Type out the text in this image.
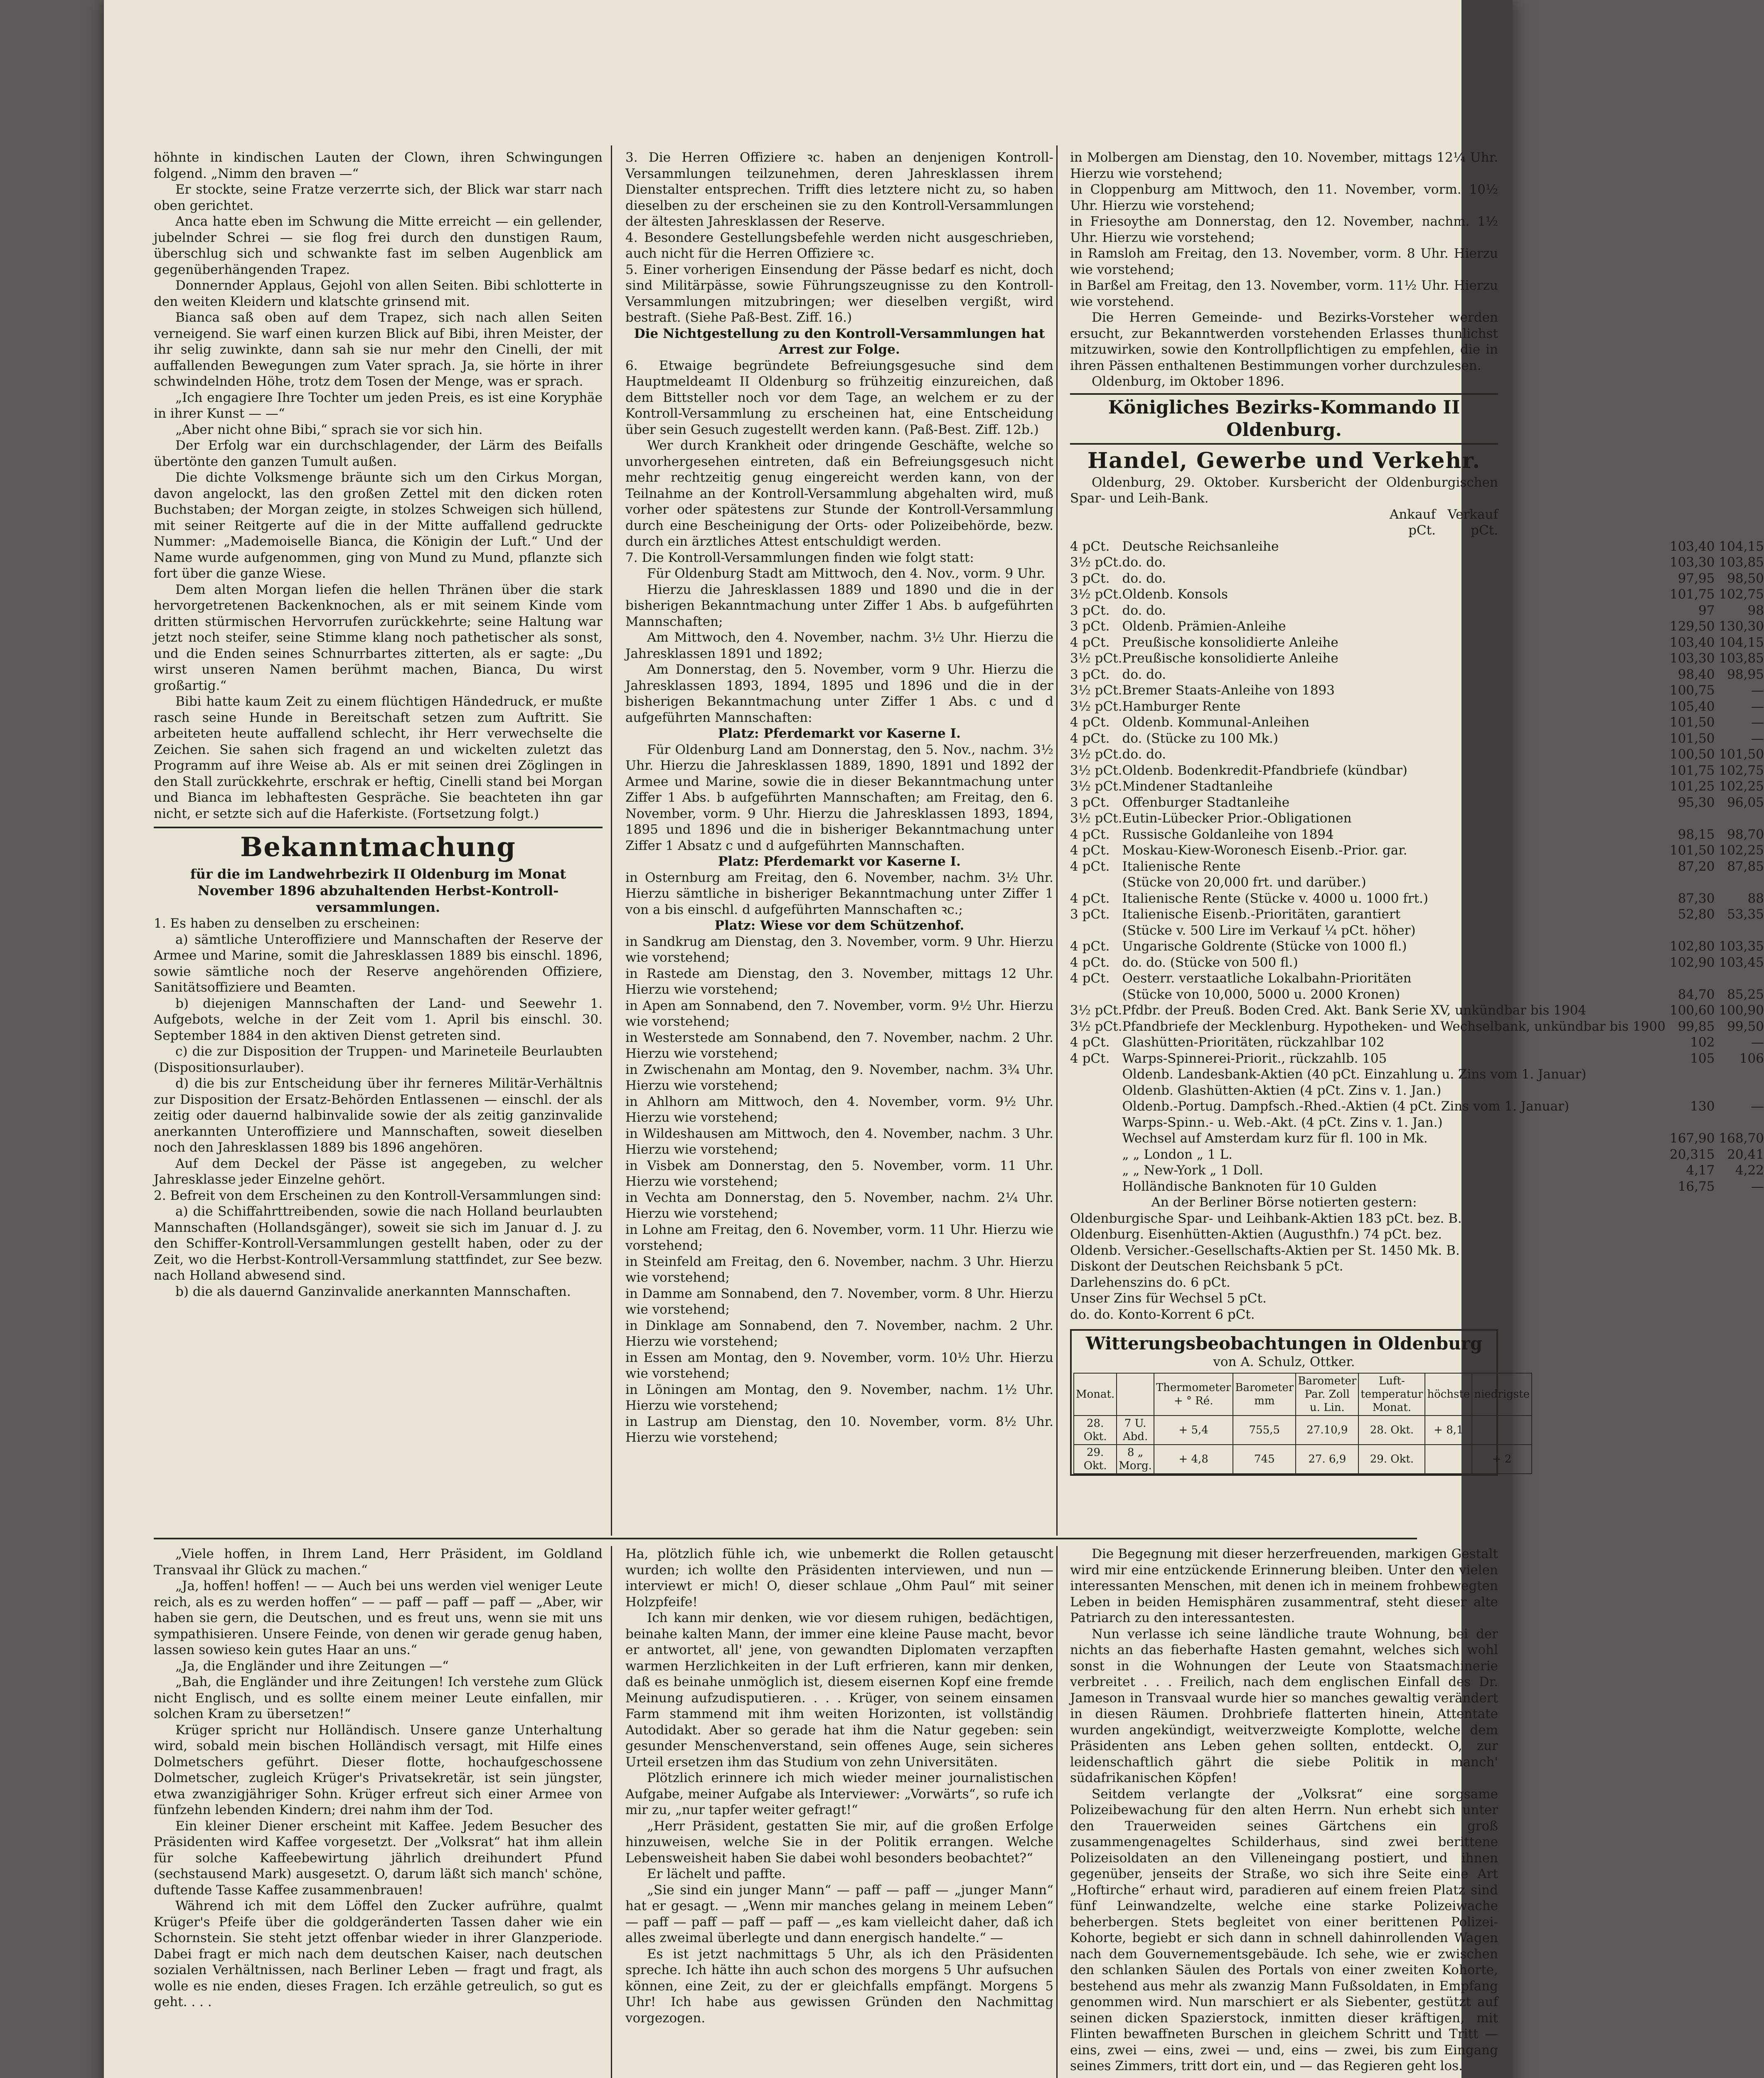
höhnte in kindischen Lauten der Clown, ihren Schwingungen folgend. „Nimm den braven —“

Er stockte, seine Fratze verzerrte sich, der Blick war starr nach oben gerichtet.

Anca hatte eben im Schwung die Mitte erreicht — ein gellender, jubelnder Schrei — sie flog frei durch den dunstigen Raum, überschlug sich und schwankte fast im selben Augenblick am gegenüberhängenden Trapez.

Donnernder Applaus, Gejohl von allen Seiten. Bibi schlotterte in den weiten Kleidern und klatschte grinsend mit.

Bianca saß oben auf dem Trapez, sich nach allen Seiten verneigend. Sie warf einen kurzen Blick auf Bibi, ihren Meister, der ihr selig zuwinkte, dann sah sie nur mehr den Cinelli, der mit auffallenden Bewegungen zum Vater sprach. Ja, sie hörte in ihrer schwindelnden Höhe, trotz dem Tosen der Menge, was er sprach.

„Ich engagiere Ihre Tochter um jeden Preis, es ist eine Koryphäe in ihrer Kunst — —“

„Aber nicht ohne Bibi,“ sprach sie vor sich hin.

Der Erfolg war ein durchschlagender, der Lärm des Beifalls übertönte den ganzen Tumult außen.

Die dichte Volksmenge bräunte sich um den Cirkus Morgan, davon angelockt, las den großen Zettel mit den dicken roten Buchstaben; der Morgan zeigte, in stolzes Schweigen sich hüllend, mit seiner Reitgerte auf die in der Mitte auffallend gedruckte Nummer: „Mademoiselle Bianca, die Königin der Luft.“ Und der Name wurde aufgenommen, ging von Mund zu Mund, pflanzte sich fort über die ganze Wiese.

Dem alten Morgan liefen die hellen Thränen über die stark hervorgetretenen Backenknochen, als er mit seinem Kinde vom dritten stürmischen Hervorrufen zurückkehrte; seine Haltung war jetzt noch steifer, seine Stimme klang noch pathetischer als sonst, und die Enden seines Schnurrbartes zitterten, als er sagte: „Du wirst unseren Namen berühmt machen, Bianca, Du wirst großartig.“

Bibi hatte kaum Zeit zu einem flüchtigen Händedruck, er mußte rasch seine Hunde in Bereitschaft setzen zum Auftritt. Sie arbeiteten heute auffallend schlecht, ihr Herr verwechselte die Zeichen. Sie sahen sich fragend an und wickelten zuletzt das Programm auf ihre Weise ab. Als er mit seinen drei Zöglingen in den Stall zurückkehrte, erschrak er heftig, Cinelli stand bei Morgan und Bianca im lebhaftesten Gespräche. Sie beachteten ihn gar nicht, er setzte sich auf die Haferkiste. (Fortsetzung folgt.)

Bekanntmachung
für die im Landwehrbezirk II Oldenburg im Monat November 1896 abzuhaltenden Herbst-Kontroll-versammlungen.

1. Es haben zu denselben zu erscheinen:

a) sämtliche Unteroffiziere und Mannschaften der Reserve der Armee und Marine, somit die Jahresklassen 1889 bis einschl. 1896, sowie sämtliche noch der Reserve angehörenden Offiziere, Sanitätsoffiziere und Beamten.

b) diejenigen Mannschaften der Land- und Seewehr 1. Aufgebots, welche in der Zeit vom 1. April bis einschl. 30. September 1884 in den aktiven Dienst getreten sind.

c) die zur Disposition der Truppen- und Marineteile Beurlaubten (Dispositionsurlauber).

d) die bis zur Entscheidung über ihr ferneres Militär-Verhältnis zur Disposition der Ersatz-Behörden Entlassenen — einschl. der als zeitig oder dauernd halbinvalide sowie der als zeitig ganzinvalide anerkannten Unteroffiziere und Mannschaften, soweit dieselben noch den Jahresklassen 1889 bis 1896 angehören.

Auf dem Deckel der Pässe ist angegeben, zu welcher Jahresklasse jeder Einzelne gehört.

2. Befreit von dem Erscheinen zu den Kontroll-Versammlungen sind:

a) die Schiffahrttreibenden, sowie die nach Holland beurlaubten Mannschaften (Hollandsgänger), soweit sie sich im Januar d. J. zu den Schiffer-Kontroll-Versammlungen gestellt haben, oder zu der Zeit, wo die Herbst-Kontroll-Versammlung stattfindet, zur See bezw. nach Holland abwesend sind.

b) die als dauernd Ganzinvalide anerkannten Mannschaften.

3. Die Herren Offiziere ꝛc. haben an denjenigen Kontroll-Versammlungen teilzunehmen, deren Jahresklassen ihrem Dienstalter entsprechen. Trifft dies letztere nicht zu, so haben dieselben zu der erscheinen sie zu den Kontroll-Versammlungen der ältesten Jahresklassen der Reserve.

4. Besondere Gestellungsbefehle werden nicht ausgeschrieben, auch nicht für die Herren Offiziere ꝛc.

5. Einer vorherigen Einsendung der Pässe bedarf es nicht, doch sind Militärpässe, sowie Führungszeugnisse zu den Kontroll-Versammlungen mitzubringen; wer dieselben vergißt, wird bestraft. (Siehe Paß-Best. Ziff. 16.)

Die Nichtgestellung zu den Kontroll-Versammlungen hat Arrest zur Folge.

6. Etwaige begründete Befreiungsgesuche sind dem Hauptmeldeamt II Oldenburg so frühzeitig einzureichen, daß dem Bittsteller noch vor dem Tage, an welchem er zu der Kontroll-Versammlung zu erscheinen hat, eine Entscheidung über sein Gesuch zugestellt werden kann. (Paß-Best. Ziff. 12b.)

Wer durch Krankheit oder dringende Geschäfte, welche so unvorhergesehen eintreten, daß ein Befreiungsgesuch nicht mehr rechtzeitig genug eingereicht werden kann, von der Teilnahme an der Kontroll-Versammlung abgehalten wird, muß vorher oder spätestens zur Stunde der Kontroll-Versammlung durch eine Bescheinigung der Orts- oder Polizeibehörde, bezw. durch ein ärztliches Attest entschuldigt werden.

7. Die Kontroll-Versammlungen finden wie folgt statt:

Für Oldenburg Stadt am Mittwoch, den 4. Nov., vorm. 9 Uhr.

Hierzu die Jahresklassen 1889 und 1890 und die in der bisherigen Bekanntmachung unter Ziffer 1 Abs. b aufgeführten Mannschaften;

Am Mittwoch, den 4. November, nachm. 3½ Uhr. Hierzu die Jahresklassen 1891 und 1892;

Am Donnerstag, den 5. November, vorm 9 Uhr. Hierzu die Jahresklassen 1893, 1894, 1895 und 1896 und die in der bisherigen Bekanntmachung unter Ziffer 1 Abs. c und d aufgeführten Mannschaften:

Platz: Pferdemarkt vor Kaserne I.

Für Oldenburg Land am Donnerstag, den 5. Nov., nachm. 3½ Uhr. Hierzu die Jahresklassen 1889, 1890, 1891 und 1892 der Armee und Marine, sowie die in dieser Bekanntmachung unter Ziffer 1 Abs. b aufgeführten Mannschaften; am Freitag, den 6. November, vorm. 9 Uhr. Hierzu die Jahresklassen 1893, 1894, 1895 und 1896 und die in bisheriger Bekanntmachung unter Ziffer 1 Absatz c und d aufgeführten Mannschaften.

Platz: Pferdemarkt vor Kaserne I.

in Osternburg am Freitag, den 6. November, nachm. 3½ Uhr. Hierzu sämtliche in bisheriger Bekanntmachung unter Ziffer 1 von a bis einschl. d aufgeführten Mannschaften ꝛc.;

Platz: Wiese vor dem Schützenhof.

in Sandkrug am Dienstag, den 3. November, vorm. 9 Uhr. Hierzu wie vorstehend;

in Rastede am Dienstag, den 3. November, mittags 12 Uhr. Hierzu wie vorstehend;

in Apen am Sonnabend, den 7. November, vorm. 9½ Uhr. Hierzu wie vorstehend;

in Westerstede am Sonnabend, den 7. November, nachm. 2 Uhr. Hierzu wie vorstehend;

in Zwischenahn am Montag, den 9. November, nachm. 3¾ Uhr. Hierzu wie vorstehend;

in Ahlhorn am Mittwoch, den 4. November, vorm. 9½ Uhr. Hierzu wie vorstehend;

in Wildeshausen am Mittwoch, den 4. November, nachm. 3 Uhr. Hierzu wie vorstehend;

in Visbek am Donnerstag, den 5. November, vorm. 11 Uhr. Hierzu wie vorstehend;

in Vechta am Donnerstag, den 5. November, nachm. 2¼ Uhr. Hierzu wie vorstehend;

in Lohne am Freitag, den 6. November, vorm. 11 Uhr. Hierzu wie vorstehend;

in Steinfeld am Freitag, den 6. November, nachm. 3 Uhr. Hierzu wie vorstehend;

in Damme am Sonnabend, den 7. November, vorm. 8 Uhr. Hierzu wie vorstehend;

in Dinklage am Sonnabend, den 7. November, nachm. 2 Uhr. Hierzu wie vorstehend;

in Essen am Montag, den 9. November, vorm. 10½ Uhr. Hierzu wie vorstehend;

in Löningen am Montag, den 9. November, nachm. 1½ Uhr. Hierzu wie vorstehend;

in Lastrup am Dienstag, den 10. November, vorm. 8½ Uhr. Hierzu wie vorstehend;

in Molbergen am Dienstag, den 10. November, mittags 12¼ Uhr. Hierzu wie vorstehend;

in Cloppenburg am Mittwoch, den 11. November, vorm. 10½ Uhr. Hierzu wie vorstehend;

in Friesoythe am Donnerstag, den 12. November, nachm. 1½ Uhr. Hierzu wie vorstehend;

in Ramsloh am Freitag, den 13. November, vorm. 8 Uhr. Hierzu wie vorstehend;

in Barßel am Freitag, den 13. November, vorm. 11½ Uhr. Hierzu wie vorstehend.

Die Herren Gemeinde- und Bezirks-Vorsteher werden ersucht, zur Bekanntwerden vorstehenden Erlasses thunlichst mitzuwirken, sowie den Kontrollpflichtigen zu empfehlen, die in ihren Pässen enthaltenen Bestimmungen vorher durchzulesen.

Oldenburg, im Oktober 1896.

Königliches Bezirks-Kommando II Oldenburg.
Handel, Gewerbe und Verkehr.

Oldenburg, 29. Oktober. Kursbericht der Oldenburgischen Spar- und Leih-Bank.

		Ankauf	Verkauf
		pCt.	pCt.
4 pCt.	Deutsche Reichsanleihe	103,40	104,15
3½ pCt.	do. do.	103,30	103,85
3 pCt.	do. do.	97,95	98,50
3½ pCt.	Oldenb. Konsols	101,75	102,75
3 pCt.	do. do.	97	98
3 pCt.	Oldenb. Prämien-Anleihe	129,50	130,30
4 pCt.	Preußische konsolidierte Anleihe	103,40	104,15
3½ pCt.	Preußische konsolidierte Anleihe	103,30	103,85
3 pCt.	do. do.	98,40	98,95
3½ pCt.	Bremer Staats-Anleihe von 1893	100,75	—
3½ pCt.	Hamburger Rente	105,40	—
4 pCt.	Oldenb. Kommunal-Anleihen	101,50	—
4 pCt.	do. (Stücke zu 100 Mk.)	101,50	—
3½ pCt.	do. do.	100,50	101,50
3½ pCt.	Oldenb. Bodenkredit-Pfandbriefe (kündbar)	101,75	102,75
3½ pCt.	Mindener Stadtanleihe	101,25	102,25
3 pCt.	Offenburger Stadtanleihe	95,30	96,05
3½ pCt.	Eutin-Lübecker Prior.-Obligationen		
4 pCt.	Russische Goldanleihe von 1894	98,15	98,70
4 pCt.	Moskau-Kiew-Woronesch Eisenb.-Prior. gar.	101,50	102,25
4 pCt.	Italienische Rente	87,20	87,85
	(Stücke von 20,000 frt. und darüber.)		
4 pCt.	Italienische Rente (Stücke v. 4000 u. 1000 frt.)	87,30	88
3 pCt.	Italienische Eisenb.-Prioritäten, garantiert	52,80	53,35
	(Stücke v. 500 Lire im Verkauf ¼ pCt. höher)		
4 pCt.	Ungarische Goldrente (Stücke von 1000 fl.)	102,80	103,35
4 pCt.	do. do. (Stücke von 500 fl.)	102,90	103,45
4 pCt.	Oesterr. verstaatliche Lokalbahn-Prioritäten		
	(Stücke von 10,000, 5000 u. 2000 Kronen)	84,70	85,25
3½ pCt.	Pfdbr. der Preuß. Boden Cred. Akt. Bank Serie XV, unkündbar bis 1904	100,60	100,90
3½ pCt.	Pfandbriefe der Mecklenburg. Hypotheken- und Wechselbank, unkündbar bis 1900	99,85	99,50
4 pCt.	Glashütten-Prioritäten, rückzahlbar 102	102	—
4 pCt.	Warps-Spinnerei-Priorit., rückzahlb. 105	105	106
	Oldenb. Landesbank-Aktien (40 pCt. Einzahlung u. Zins vom 1. Januar)		
	Oldenb. Glashütten-Aktien (4 pCt. Zins v. 1. Jan.)		
	Oldenb.-Portug. Dampfsch.-Rhed.-Aktien (4 pCt. Zins vom 1. Januar)	130	—
	Warps-Spinn.- u. Web.-Akt. (4 pCt. Zins v. 1. Jan.)		
	Wechsel auf Amsterdam kurz für fl. 100 in Mk.	167,90	168,70
	„ „ London „ 1 L.	20,315	20,41
	„ „ New-York „ 1 Doll.	4,17	4,22
	Holländische Banknoten für 10 Gulden	16,75	—

An der Berliner Börse notierten gestern:

Oldenburgische Spar- und Leihbank-Aktien 183 pCt. bez. B.

Oldenburg. Eisenhütten-Aktien (Augusthfn.) 74 pCt. bez.

Oldenb. Versicher.-Gesellschafts-Aktien per St. 1450 Mk. B.

Diskont der Deutschen Reichsbank 5 pCt.

Darlehenszins do. 6 pCt.

Unser Zins für Wechsel 5 pCt.

do. do. Konto-Korrent 6 pCt.

Witterungsbeobachtungen in Oldenburg
von A. Schulz, Ottker.
Monat.		Thermometer + ° Ré.	Barometer mm	Barometer Par. Zoll u. Lin.	Luft-temperatur Monat.	höchste	niedrigste
28. Okt.	7 U. Abd.	+ 5,4	755,5	27.10,9	28. Okt.	+ 8,1	
29. Okt.	8 „ Morg.	+ 4,8	745	27. 6,9	29. Okt.		+ 2

„Viele hoffen, in Ihrem Land, Herr Präsident, im Goldland Transvaal ihr Glück zu machen.“

„Ja, hoffen! hoffen! — — Auch bei uns werden viel weniger Leute reich, als es zu werden hoffen“ — — paff — paff — paff — „Aber, wir haben sie gern, die Deutschen, und es freut uns, wenn sie mit uns sympathisieren. Unsere Feinde, von denen wir gerade genug haben, lassen sowieso kein gutes Haar an uns.“

„Ja, die Engländer und ihre Zeitungen —“

„Bah, die Engländer und ihre Zeitungen! Ich verstehe zum Glück nicht Englisch, und es sollte einem meiner Leute einfallen, mir solchen Kram zu übersetzen!“

Krüger spricht nur Holländisch. Unsere ganze Unterhaltung wird, sobald mein bischen Holländisch versagt, mit Hilfe eines Dolmetschers geführt. Dieser flotte, hochaufgeschossene Dolmetscher, zugleich Krüger's Privatsekretär, ist sein jüngster, etwa zwanzigjähriger Sohn. Krüger erfreut sich einer Armee von fünfzehn lebenden Kindern; drei nahm ihm der Tod.

Ein kleiner Diener erscheint mit Kaffee. Jedem Besucher des Präsidenten wird Kaffee vorgesetzt. Der „Volksrat“ hat ihm allein für solche Kaffeebewirtung jährlich dreihundert Pfund (sechstausend Mark) ausgesetzt. O, darum läßt sich manch' schöne, duftende Tasse Kaffee zusammenbrauen!

Während ich mit dem Löffel den Zucker aufrühre, qualmt Krüger's Pfeife über die goldgeränderten Tassen daher wie ein Schornstein. Sie steht jetzt offenbar wieder in ihrer Glanzperiode. Dabei fragt er mich nach dem deutschen Kaiser, nach deutschen sozialen Verhältnissen, nach Berliner Leben — fragt und fragt, als wolle es nie enden, dieses Fragen. Ich erzähle getreulich, so gut es geht. . . .

Ha, plötzlich fühle ich, wie unbemerkt die Rollen getauscht wurden; ich wollte den Präsidenten interviewen, und nun — interviewt er mich! O, dieser schlaue „Ohm Paul“ mit seiner Holzpfeife!

Ich kann mir denken, wie vor diesem ruhigen, bedächtigen, beinahe kalten Mann, der immer eine kleine Pause macht, bevor er antwortet, all' jene, von gewandten Diplomaten verzapften warmen Herzlichkeiten in der Luft erfrieren, kann mir denken, daß es beinahe unmöglich ist, diesem eisernen Kopf eine fremde Meinung aufzudisputieren. . . . Krüger, von seinem einsamen Farm stammend mit ihm weiten Horizonten, ist vollständig Autodidakt. Aber so gerade hat ihm die Natur gegeben: sein gesunder Menschenverstand, sein offenes Auge, sein sicheres Urteil ersetzen ihm das Studium von zehn Universitäten.

Plötzlich erinnere ich mich wieder meiner journalistischen Aufgabe, meiner Aufgabe als Interviewer: „Vorwärts“, so rufe ich mir zu, „nur tapfer weiter gefragt!“

„Herr Präsident, gestatten Sie mir, auf die großen Erfolge hinzuweisen, welche Sie in der Politik errangen. Welche Lebensweisheit haben Sie dabei wohl besonders beobachtet?“

Er lächelt und paffte.

„Sie sind ein junger Mann“ — paff — paff — „junger Mann“ hat er gesagt. — „Wenn mir manches gelang in meinem Leben“ — paff — paff — paff — paff — „es kam vielleicht daher, daß ich alles zweimal überlegte und dann energisch handelte.“ —

Es ist jetzt nachmittags 5 Uhr, als ich den Präsidenten spreche. Ich hätte ihn auch schon des morgens 5 Uhr aufsuchen können, eine Zeit, zu der er gleichfalls empfängt. Morgens 5 Uhr! Ich habe aus gewissen Gründen den Nachmittag vorgezogen.

Die Begegnung mit dieser herzerfreuenden, markigen Gestalt wird mir eine entzückende Erinnerung bleiben. Unter den vielen interessanten Menschen, mit denen ich in meinem frohbewegten Leben in beiden Hemisphären zusammentraf, steht dieser alte Patriarch zu den interessantesten.

Nun verlasse ich seine ländliche traute Wohnung, bei der nichts an das fieberhafte Hasten gemahnt, welches sich wohl sonst in die Wohnungen der Leute von Staatsmachinerie verbreitet . . . Freilich, nach dem englischen Einfall des Dr. Jameson in Transvaal wurde hier so manches gewaltig verändert in diesen Räumen. Drohbriefe flatterten hinein, Attentate wurden angekündigt, weitverzweigte Komplotte, welche dem Präsidenten ans Leben gehen sollten, entdeckt. O, zur leidenschaftlich gährt die siebe Politik in manch' südafrikanischen Köpfen!

Seitdem verlangte der „Volksrat“ eine sorgsame Polizeibewachung für den alten Herrn. Nun erhebt sich unter den Trauerweiden seines Gärtchens ein groß zusammengenageltes Schilderhaus, sind zwei berittene Polizeisoldaten an den Villeneingang postiert, und ihnen gegenüber, jenseits der Straße, wo sich ihre Seite eine Art „Hoftirche“ erhaut wird, paradieren auf einem freien Platz sind fünf Leinwandzelte, welche eine starke Polizeiwache beherbergen. Stets begleitet von einer berittenen Polizei-Kohorte, begiebt er sich dann in schnell dahinrollenden Wagen nach dem Gouvernementsgebäude. Ich sehe, wie er zwischen den schlanken Säulen des Portals von einer zweiten Kohorte, bestehend aus mehr als zwanzig Mann Fußsoldaten, in Empfang genommen wird. Nun marschiert er als Siebenter, gestützt auf seinen dicken Spazierstock, inmitten dieser kräftigen, mit Flinten bewaffneten Burschen in gleichem Schritt und Tritt — eins, zwei — eins, zwei — und, eins — zwei, bis zum Eingang seines Zimmers, tritt dort ein, und — das Regieren geht los.
